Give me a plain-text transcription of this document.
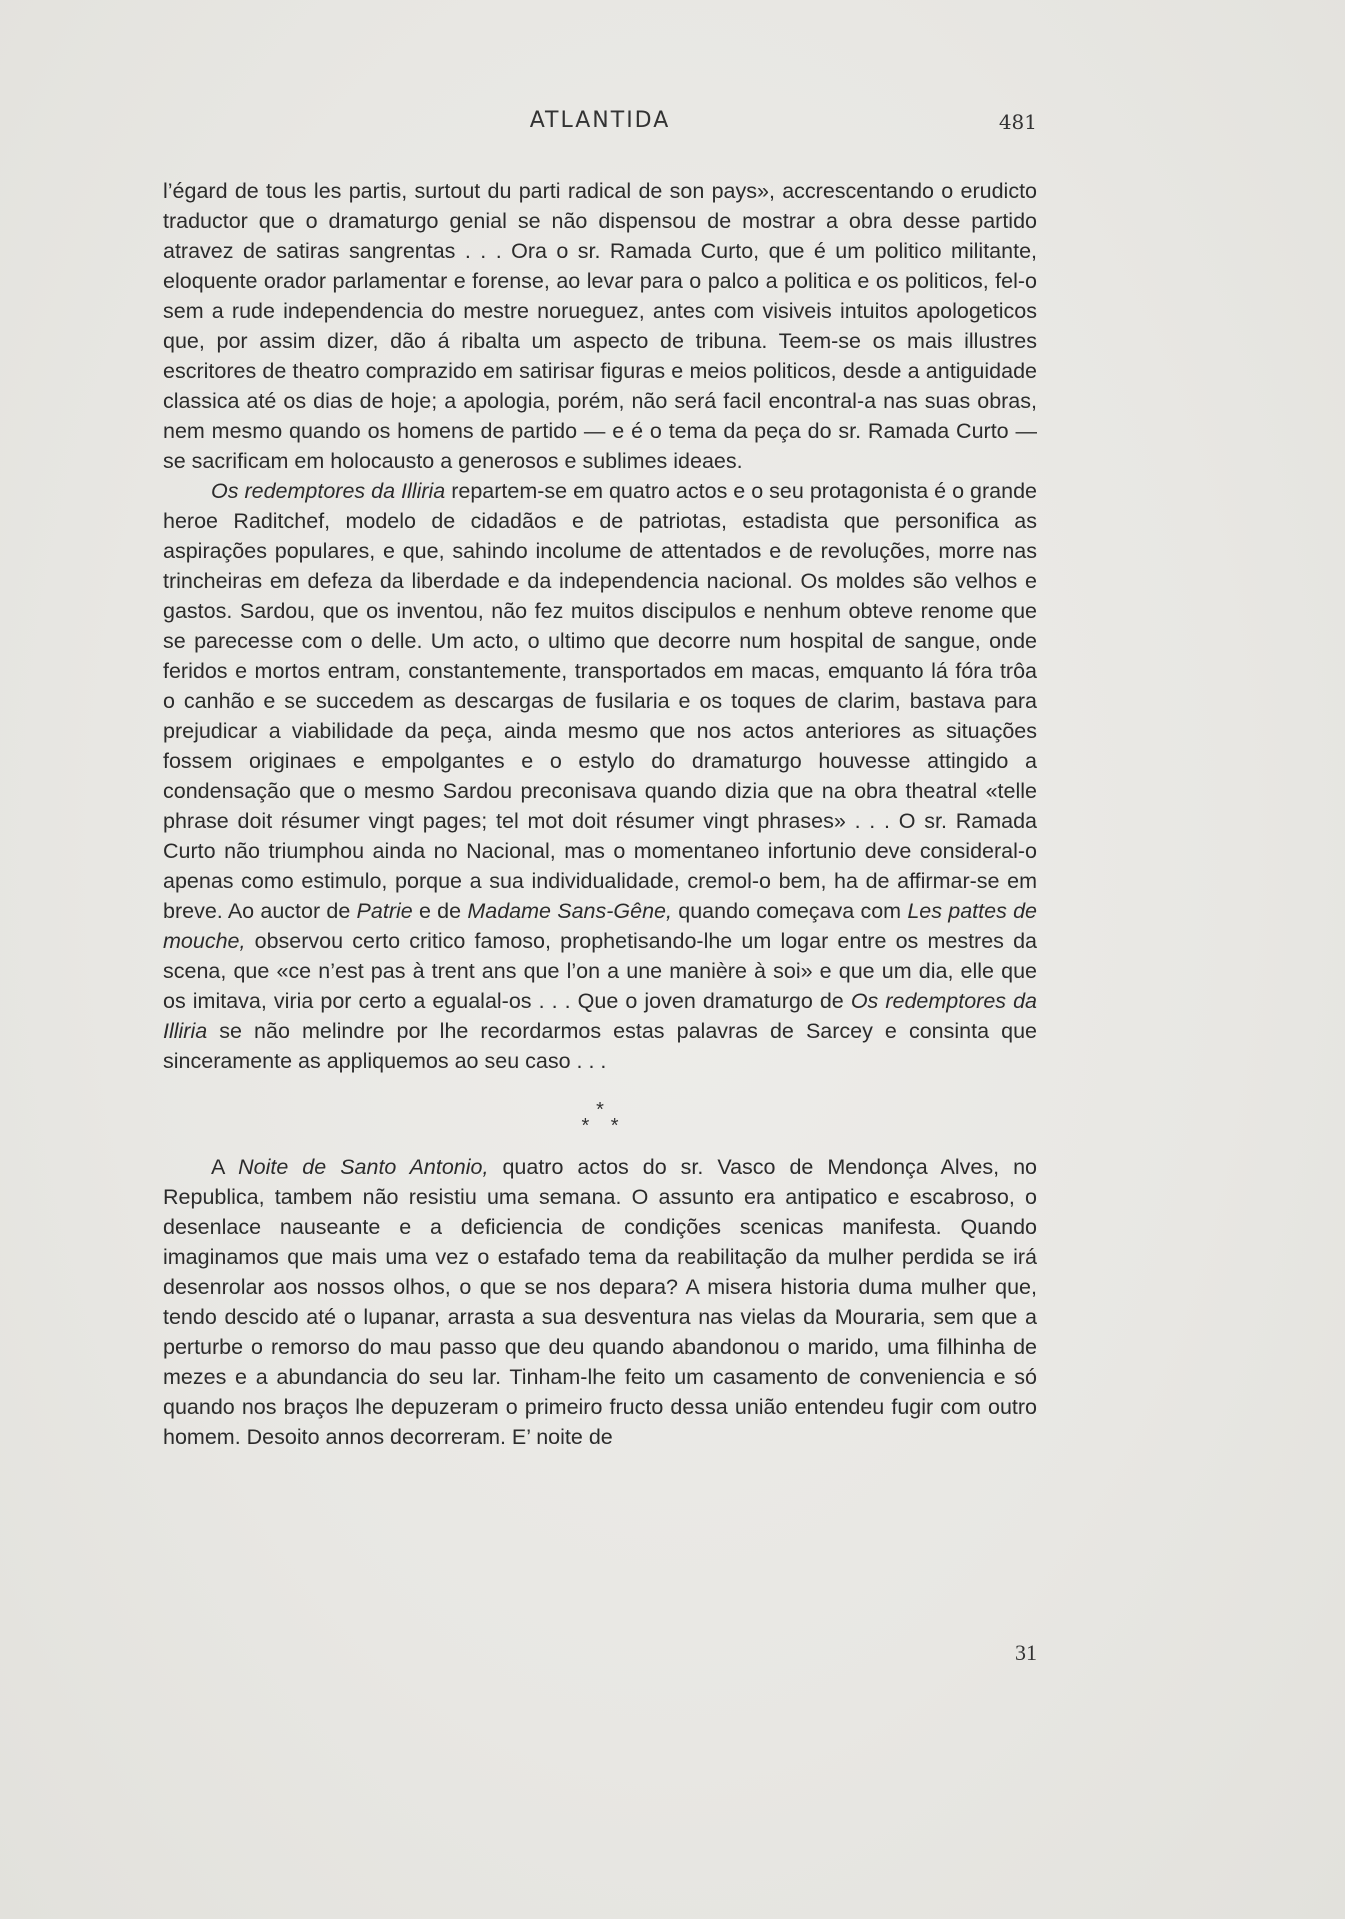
ATLANTIDA	481

l’égard de tous les partis, surtout du parti radical de son pays», accrescentando o erudicto traductor que o dramaturgo genial se não dispensou de mostrar a obra desse partido atravez de satiras sangrentas . . . Ora o sr. Ramada Curto, que é um politico militante, eloquente orador parlamentar e forense, ao levar para o palco a politica e os politicos, fel-o sem a rude independencia do mestre norueguez, antes com visiveis intuitos apologeticos que, por assim dizer, dão á ribalta um aspecto de tribuna. Teem-se os mais illustres escritores de theatro comprazido em satirisar figuras e meios politicos, desde a antiguidade classica até os dias de hoje; a apologia, porém, não será facil encontral-a nas suas obras, nem mesmo quando os homens de partido — e é o tema da peça do sr. Ramada Curto — se sacrificam em holocausto a generosos e sublimes ideaes.

Os redemptores da Illiria repartem-se em quatro actos e o seu protagonista é o grande heroe Raditchef, modelo de cidadãos e de patriotas, estadista que personifica as aspirações populares, e que, sahindo incolume de attentados e de revoluções, morre nas trincheiras em defeza da liberdade e da independencia nacional. Os moldes são velhos e gastos. Sardou, que os inventou, não fez muitos discipulos e nenhum obteve renome que se parecesse com o delle. Um acto, o ultimo que decorre num hospital de sangue, onde feridos e mortos entram, constantemente, transportados em macas, emquanto lá fóra trôa o canhão e se succedem as descargas de fusilaria e os toques de clarim, bastava para prejudicar a viabilidade da peça, ainda mesmo que nos actos anteriores as situações fossem originaes e empolgantes e o estylo do dramaturgo houvesse attingido a condensação que o mesmo Sardou preconisava quando dizia que na obra theatral «telle phrase doit résumer vingt pages; tel mot doit résumer vingt phrases» . . . O sr. Ramada Curto não triumphou ainda no Nacional, mas o momentaneo infortunio deve consideral-o apenas como estimulo, porque a sua individualidade, cremol-o bem, ha de affirmar-se em breve. Ao auctor de Patrie e de Madame Sans-Gêne, quando começava com Les pattes de mouche, observou certo critico famoso, prophetisando-lhe um logar entre os mestres da scena, que «ce n’est pas à trent ans que l’on a une manière à soi» e que um dia, elle que os imitava, viria por certo a egualal-os . . . Que o joven dramaturgo de Os redemptores da Illiria se não melindre por lhe recordarmos estas palavras de Sarcey e consinta que sinceramente as appliquemos ao seu caso . . .

*
* *

A Noite de Santo Antonio, quatro actos do sr. Vasco de Mendonça Alves, no Republica, tambem não resistiu uma semana. O assunto era antipatico e escabroso, o desenlace nauseante e a deficiencia de condições scenicas manifesta. Quando imaginamos que mais uma vez o estafado tema da reabilitação da mulher perdida se irá desenrolar aos nossos olhos, o que se nos depara? A misera historia duma mulher que, tendo descido até o lupanar, arrasta a sua desventura nas vielas da Mouraria, sem que a perturbe o remorso do mau passo que deu quando abandonou o marido, uma filhinha de mezes e a abundancia do seu lar. Tinham-lhe feito um casamento de conveniencia e só quando nos braços lhe depuzeram o primeiro fructo dessa união entendeu fugir com outro homem. Desoito annos decorreram. E’ noite de

31
